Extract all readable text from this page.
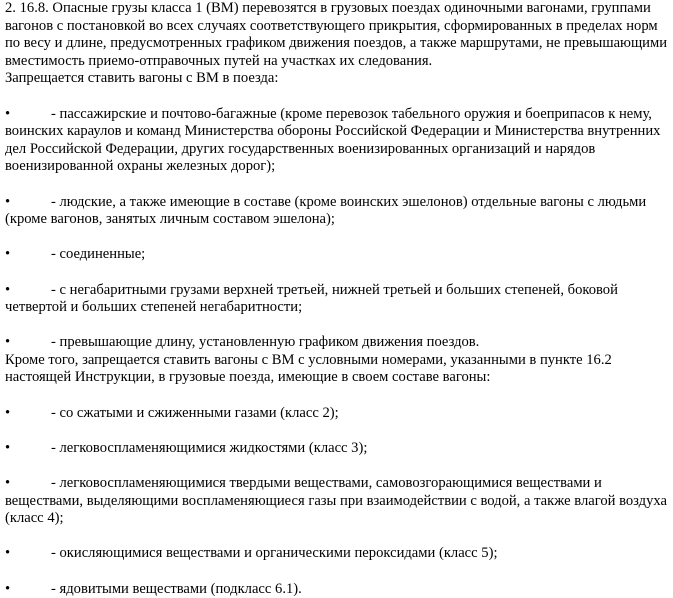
2. 16.8. Опасные грузы класса 1 (ВМ) перевозятся в грузовых поездах одиночными вагонами, группами вагонов с постановкой во всех случаях соответствующего прикрытия, сформированных в пределах норм по весу и длине, предусмотренных графиком движения поездов, а также маршрутами, не превышающими вместимость приемо-отправочных путей на участках их следования.

Запрещается ставить вагоны с ВМ в поезда:

•	- пассажирские и почтово-багажные (кроме перевозок табельного оружия и боеприпасов к нему, воинских караулов и команд Министерства обороны Российской Федерации и Министерства внутренних дел Российской Федерации, других государственных военизированных организаций и нарядов военизированной охраны железных дорог);

•	- людские, а также имеющие в составе (кроме воинских эшелонов) отдельные вагоны с людьми (кроме вагонов, занятых личным составом эшелона);

•	- соединенные;

•	- с негабаритными грузами верхней третьей, нижней третьей и больших степеней, боковой четвертой и больших степеней негабаритности;

•	- превышающие длину, установленную графиком движения поездов.

Кроме того, запрещается ставить вагоны с ВМ с условными номерами, указанными в пункте 16.2 настоящей Инструкции, в грузовые поезда, имеющие в своем составе вагоны:

•	- со сжатыми и сжиженными газами (класс 2);

•	- легковоспламеняющимися жидкостями (класс 3);

•	- легковоспламеняющимися твердыми веществами, самовозгорающимися веществами и веществами, выделяющими воспламеняющиеся газы при взаимодействии с водой, а также влагой воздуха (класс 4);

•	- окисляющимися веществами и органическими пероксидами (класс 5);

•	- ядовитыми веществами (подкласс 6.1).
